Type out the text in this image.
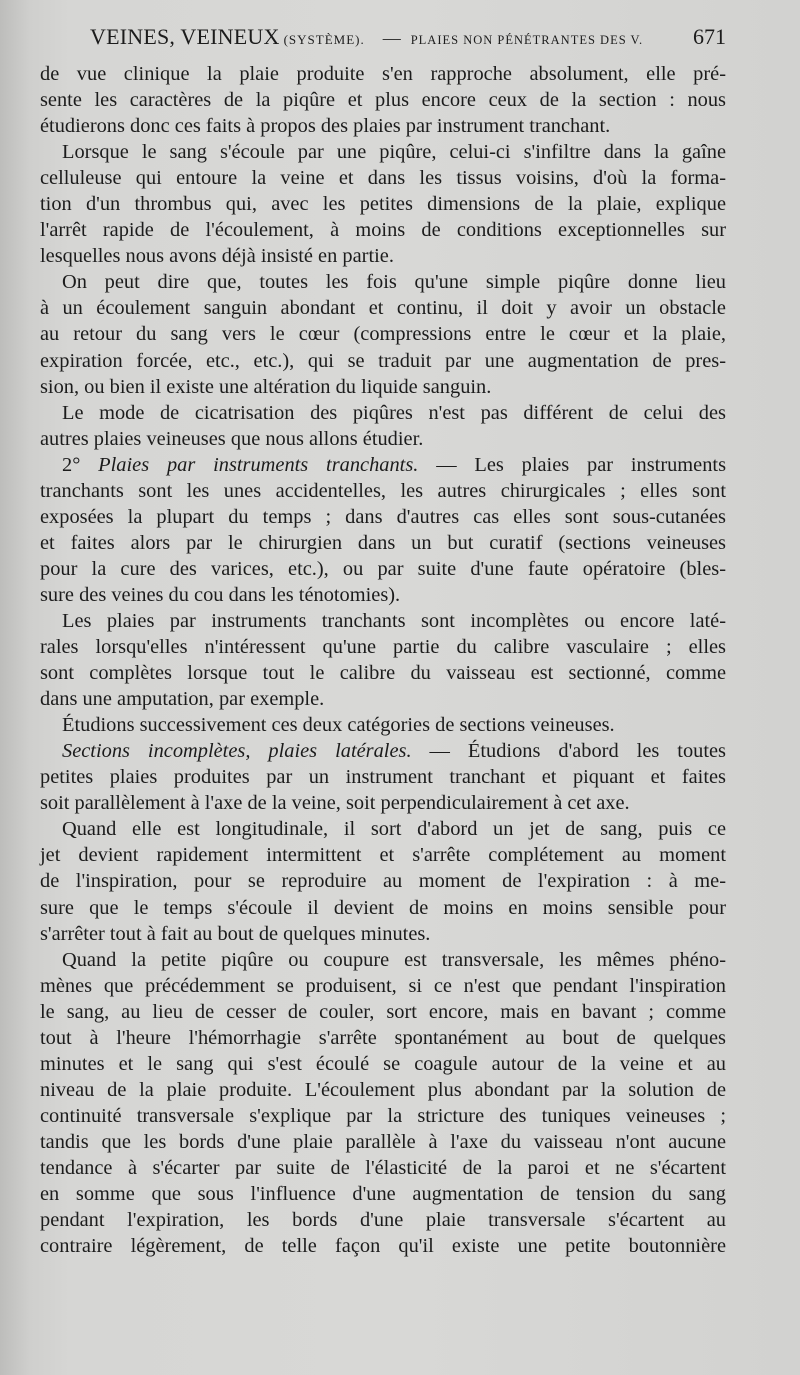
VEINES, VEINEUX (SYSTÈME). — PLAIES NON PÉNÉTRANTES DES V. 671
de vue clinique la plaie produite s'en rapproche absolument, elle pré-
sente les caractères de la piqûre et plus encore ceux de la section : nous
étudierons donc ces faits à propos des plaies par instrument tranchant.
Lorsque le sang s'écoule par une piqûre, celui-ci s'infiltre dans la gaîne
celluleuse qui entoure la veine et dans les tissus voisins, d'où la forma-
tion d'un thrombus qui, avec les petites dimensions de la plaie, explique
l'arrêt rapide de l'écoulement, à moins de conditions exceptionnelles sur
lesquelles nous avons déjà insisté en partie.
On peut dire que, toutes les fois qu'une simple piqûre donne lieu
à un écoulement sanguin abondant et continu, il doit y avoir un obstacle
au retour du sang vers le cœur (compressions entre le cœur et la plaie,
expiration forcée, etc., etc.), qui se traduit par une augmentation de pres-
sion, ou bien il existe une altération du liquide sanguin.
Le mode de cicatrisation des piqûres n'est pas différent de celui des
autres plaies veineuses que nous allons étudier.
2° Plaies par instruments tranchants. — Les plaies par instruments
tranchants sont les unes accidentelles, les autres chirurgicales ; elles sont
exposées la plupart du temps ; dans d'autres cas elles sont sous-cutanées
et faites alors par le chirurgien dans un but curatif (sections veineuses
pour la cure des varices, etc.), ou par suite d'une faute opératoire (bles-
sure des veines du cou dans les ténotomies).
Les plaies par instruments tranchants sont incomplètes ou encore laté-
rales lorsqu'elles n'intéressent qu'une partie du calibre vasculaire ; elles
sont complètes lorsque tout le calibre du vaisseau est sectionné, comme
dans une amputation, par exemple.
Étudions successivement ces deux catégories de sections veineuses.
Sections incomplètes, plaies latérales. — Étudions d'abord les toutes
petites plaies produites par un instrument tranchant et piquant et faites
soit parallèlement à l'axe de la veine, soit perpendiculairement à cet axe.
Quand elle est longitudinale, il sort d'abord un jet de sang, puis ce
jet devient rapidement intermittent et s'arrête complétement au moment
de l'inspiration, pour se reproduire au moment de l'expiration : à me-
sure que le temps s'écoule il devient de moins en moins sensible pour
s'arrêter tout à fait au bout de quelques minutes.
Quand la petite piqûre ou coupure est transversale, les mêmes phéno-
mènes que précédemment se produisent, si ce n'est que pendant l'inspiration
le sang, au lieu de cesser de couler, sort encore, mais en bavant ; comme
tout à l'heure l'hémorrhagie s'arrête spontanément au bout de quelques
minutes et le sang qui s'est écoulé se coagule autour de la veine et au
niveau de la plaie produite. L'écoulement plus abondant par la solution de
continuité transversale s'explique par la stricture des tuniques veineuses ;
tandis que les bords d'une plaie parallèle à l'axe du vaisseau n'ont aucune
tendance à s'écarter par suite de l'élasticité de la paroi et ne s'écartent
en somme que sous l'influence d'une augmentation de tension du sang
pendant l'expiration, les bords d'une plaie transversale s'écartent au
contraire légèrement, de telle façon qu'il existe une petite boutonnière
